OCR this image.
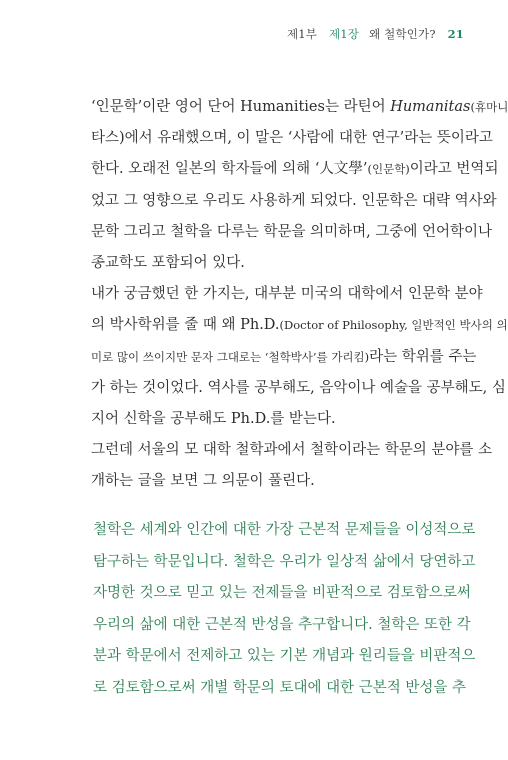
제1부 제1장 왜 철학인가? 21
‘인문학’이란 영어 단어 Humanities는 라틴어 Humanitas(휴마니
타스)에서 유래했으며, 이 말은 ‘사람에 대한 연구’라는 뜻이라고
한다. 오래전 일본의 학자들에 의해 ‘人文學’(인문학)이라고 번역되
었고 그 영향으로 우리도 사용하게 되었다. 인문학은 대략 역사와
문학 그리고 철학을 다루는 학문을 의미하며, 그중에 언어학이나
종교학도 포함되어 있다.
내가 궁금했던 한 가지는, 대부분 미국의 대학에서 인문학 분야
의 박사학위를 줄 때 왜 Ph.D.(Doctor of Philosophy, 일반적인 박사의 의
미로 많이 쓰이지만 문자 그대로는 ‘철학박사’를 가리킴)라는 학위를 주는
가 하는 것이었다. 역사를 공부해도, 음악이나 예술을 공부해도, 심
지어 신학을 공부해도 Ph.D.를 받는다.
그런데 서울의 모 대학 철학과에서 철학이라는 학문의 분야를 소
개하는 글을 보면 그 의문이 풀린다.
철학은 세계와 인간에 대한 가장 근본적 문제들을 이성적으로
탐구하는 학문입니다. 철학은 우리가 일상적 삶에서 당연하고
자명한 것으로 믿고 있는 전제들을 비판적으로 검토함으로써
우리의 삶에 대한 근본적 반성을 추구합니다. 철학은 또한 각
분과 학문에서 전제하고 있는 기본 개념과 원리들을 비판적으
로 검토함으로써 개별 학문의 토대에 대한 근본적 반성을 추
